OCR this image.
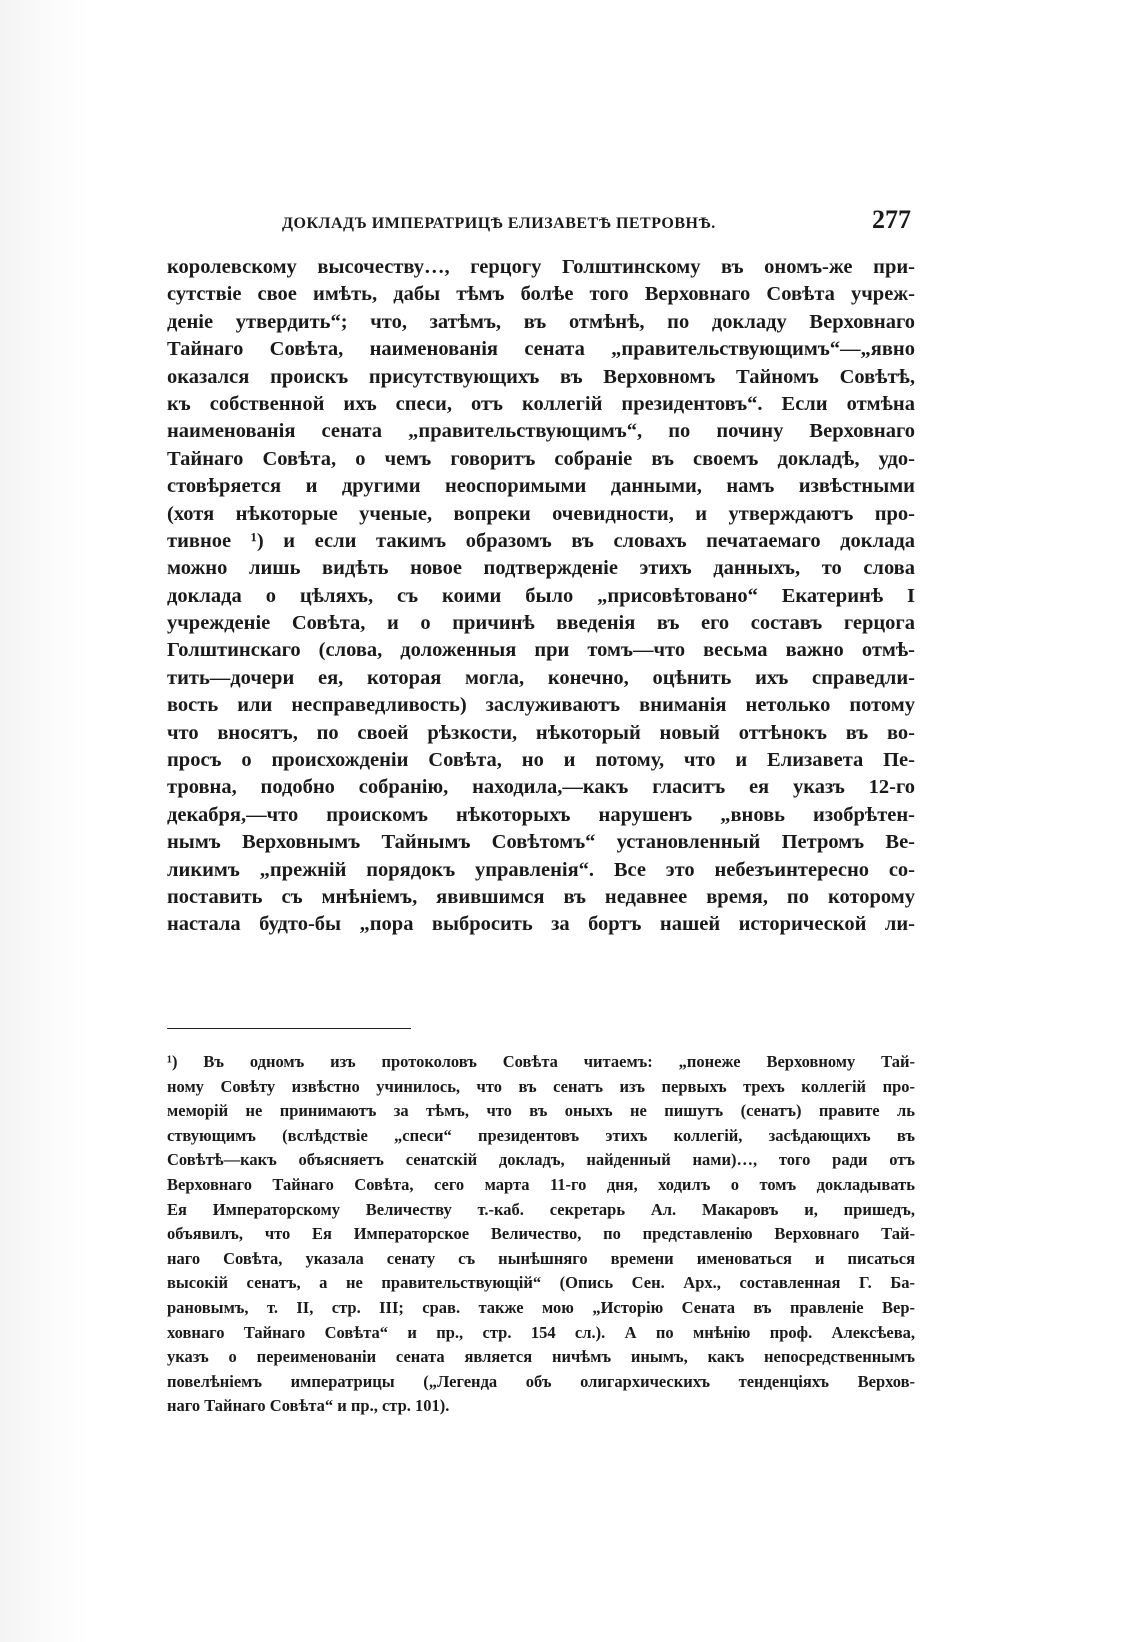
ДОКЛАДЪ ИМПЕРАТРИЦѢ ЕЛИЗАВЕТѢ ПЕТРОВНѢ.	277
королевскому высочеству…, герцогу Голштинскому въ ономъ-же при-
сутствіе свое имѣть, дабы тѣмъ болѣе того Верховнаго Совѣта учреж-
деніе утвердить“; что, затѣмъ, въ отмѣнѣ, по докладу Верховнаго
Тайнаго Совѣта, наименованія сената „правительствующимъ“—„явно
оказался проискъ присутствующихъ въ Верховномъ Тайномъ Совѣтѣ,
къ собственной ихъ спеси, отъ коллегій президентовъ“. Если отмѣна
наименованія сената „правительствующимъ“, по почину Верховнаго
Тайнаго Совѣта, о чемъ говоритъ собраніе въ своемъ докладѣ, удо-
стовѣряется и другими неоспоримыми данными, намъ извѣстными
(хотя нѣкоторые ученые, вопреки очевидности, и утверждаютъ про-
тивное ¹) и если такимъ образомъ въ словахъ печатаемаго доклада
можно лишь видѣть новое подтвержденіе этихъ данныхъ, то слова
доклада о цѣляхъ, съ коими было „присовѣтовано“ Екатеринѣ I
учрежденіе Совѣта, и о причинѣ введенія въ его составъ герцога
Голштинскаго (слова, доложенныя при томъ—что весьма важно отмѣ-
тить—дочери ея, которая могла, конечно, оцѣнить ихъ справедли-
вость или несправедливость) заслуживаютъ вниманія нетолько потому
что вносятъ, по своей рѣзкости, нѣкоторый новый оттѣнокъ въ во-
просъ о происхожденіи Совѣта, но и потому, что и Елизавета Пе-
тровна, подобно собранію, находила,—какъ гласитъ ея указъ 12-го
декабря,—что проискомъ нѣкоторыхъ нарушенъ „вновь изобрѣтен-
нымъ Верховнымъ Тайнымъ Совѣтомъ“ установленный Петромъ Ве-
ликимъ „прежній порядокъ управленія“. Все это небезъинтересно со-
поставить съ мнѣніемъ, явившимся въ недавнее время, по которому
настала будто-бы „пора выбросить за бортъ нашей исторической ли-
¹) Въ одномъ изъ протоколовъ Совѣта читаемъ: „понеже Верховному Тай-
ному Совѣту извѣстно учинилось, что въ сенатъ изъ первыхъ трехъ коллегій про-
меморій не принимаютъ за тѣмъ, что въ оныхъ не пишутъ (сенатъ) правите ль
ствующимъ (вслѣдствіе „спеси“ президентовъ этихъ коллегій, засѣдающихъ въ
Совѣтѣ—какъ объясняетъ сенатскій докладъ, найденный нами)…, того ради отъ
Верховнаго Тайнаго Совѣта, сего марта 11-го дня, ходилъ о томъ докладывать
Ея Императорскому Величеству т.-каб. секретарь Ал. Макаровъ и, пришедъ,
объявилъ, что Ея Императорское Величество, по представленію Верховнаго Тай-
наго Совѣта, указала сенату съ нынѣшняго времени именоваться и писаться
высокій сенатъ, а не правительствующій“ (Опись Сен. Арх., составленная Г. Ба-
рановымъ, т. II, стр. III; срав. также мою „Исторію Сената въ правленіе Вер-
ховнаго Тайнаго Совѣта“ и пр., стр. 154 сл.). А по мнѣнію проф. Алексѣева,
указъ о переименованіи сената является ничѣмъ инымъ, какъ непосредственнымъ
повелѣніемъ императрицы („Легенда объ олигархическихъ тенденціяхъ Верхов-
наго Тайнаго Совѣта“ и пр., стр. 101).
